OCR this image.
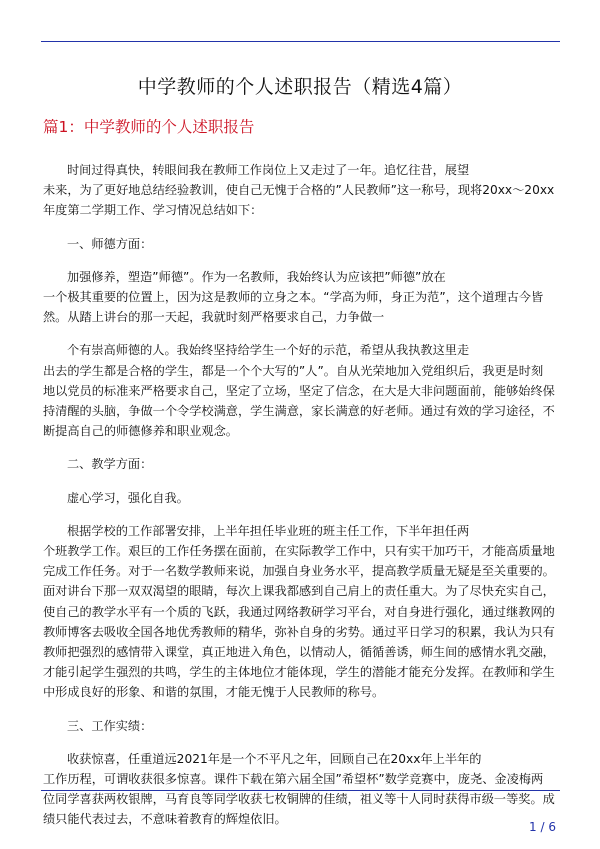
中学教师的个人述职报告（精选4篇）
篇1：中学教师的个人述职报告
时间过得真快，转眼间我在教师工作岗位上又走过了一年。追忆往昔，展望
未来，为了更好地总结经验教训，使自己无愧于合格的”人民教师”这一称号，现将20xx～20xx
年度第二学期工作、学习情况总结如下：
一、师德方面：
加强修养，塑造”师德”。作为一名教师，我始终认为应该把”师德”放在
一个极其重要的位置上，因为这是教师的立身之本。“学高为师，身正为范”，这个道理古今皆
然。从踏上讲台的那一天起，我就时刻严格要求自己，力争做一
个有崇高师德的人。我始终坚持给学生一个好的示范，希望从我执教这里走
出去的学生都是合格的学生，都是一个个大写的”人”。自从光荣地加入党组织后，我更是时刻
地以党员的标准来严格要求自己，坚定了立场，坚定了信念，在大是大非问题面前，能够始终保
持清醒的头脑，争做一个令学校满意，学生满意，家长满意的好老师。通过有效的学习途径，不
断提高自己的师德修养和职业观念。
二、教学方面：
虚心学习，强化自我。
根据学校的工作部署安排，上半年担任毕业班的班主任工作，下半年担任两
个班教学工作。艰巨的工作任务摆在面前，在实际教学工作中，只有实干加巧干，才能高质量地
完成工作任务。对于一名数学教师来说，加强自身业务水平，提高教学质量无疑是至关重要的。
面对讲台下那一双双渴望的眼睛，每次上课我都感到自己肩上的责任重大。为了尽快充实自己，
使自己的教学水平有一个质的飞跃，我通过网络教研学习平台，对自身进行强化，通过继教网的
教师博客去吸收全国各地优秀教师的精华，弥补自身的劣势。通过平日学习的积累，我认为只有
教师把强烈的感情带入课堂，真正地进入角色，以情动人，循循善诱，师生间的感情水乳交融，
才能引起学生强烈的共鸣，学生的主体地位才能体现，学生的潜能才能充分发挥。在教师和学生
中形成良好的形象、和谐的氛围，才能无愧于人民教师的称号。
三、工作实绩：
收获惊喜，任重道远2021年是一个不平凡之年，回顾自己在20xx年上半年的
工作历程，可谓收获很多惊喜。课件下载在第六届全国”希望杯”数学竞赛中，庞尧、金凌梅两
位同学喜获两枚银牌，马育良等同学收获七枚铜牌的佳绩，祖义等十人同时获得市级一等奖。成
绩只能代表过去，不意味着教育的辉煌依旧。
1 / 6
